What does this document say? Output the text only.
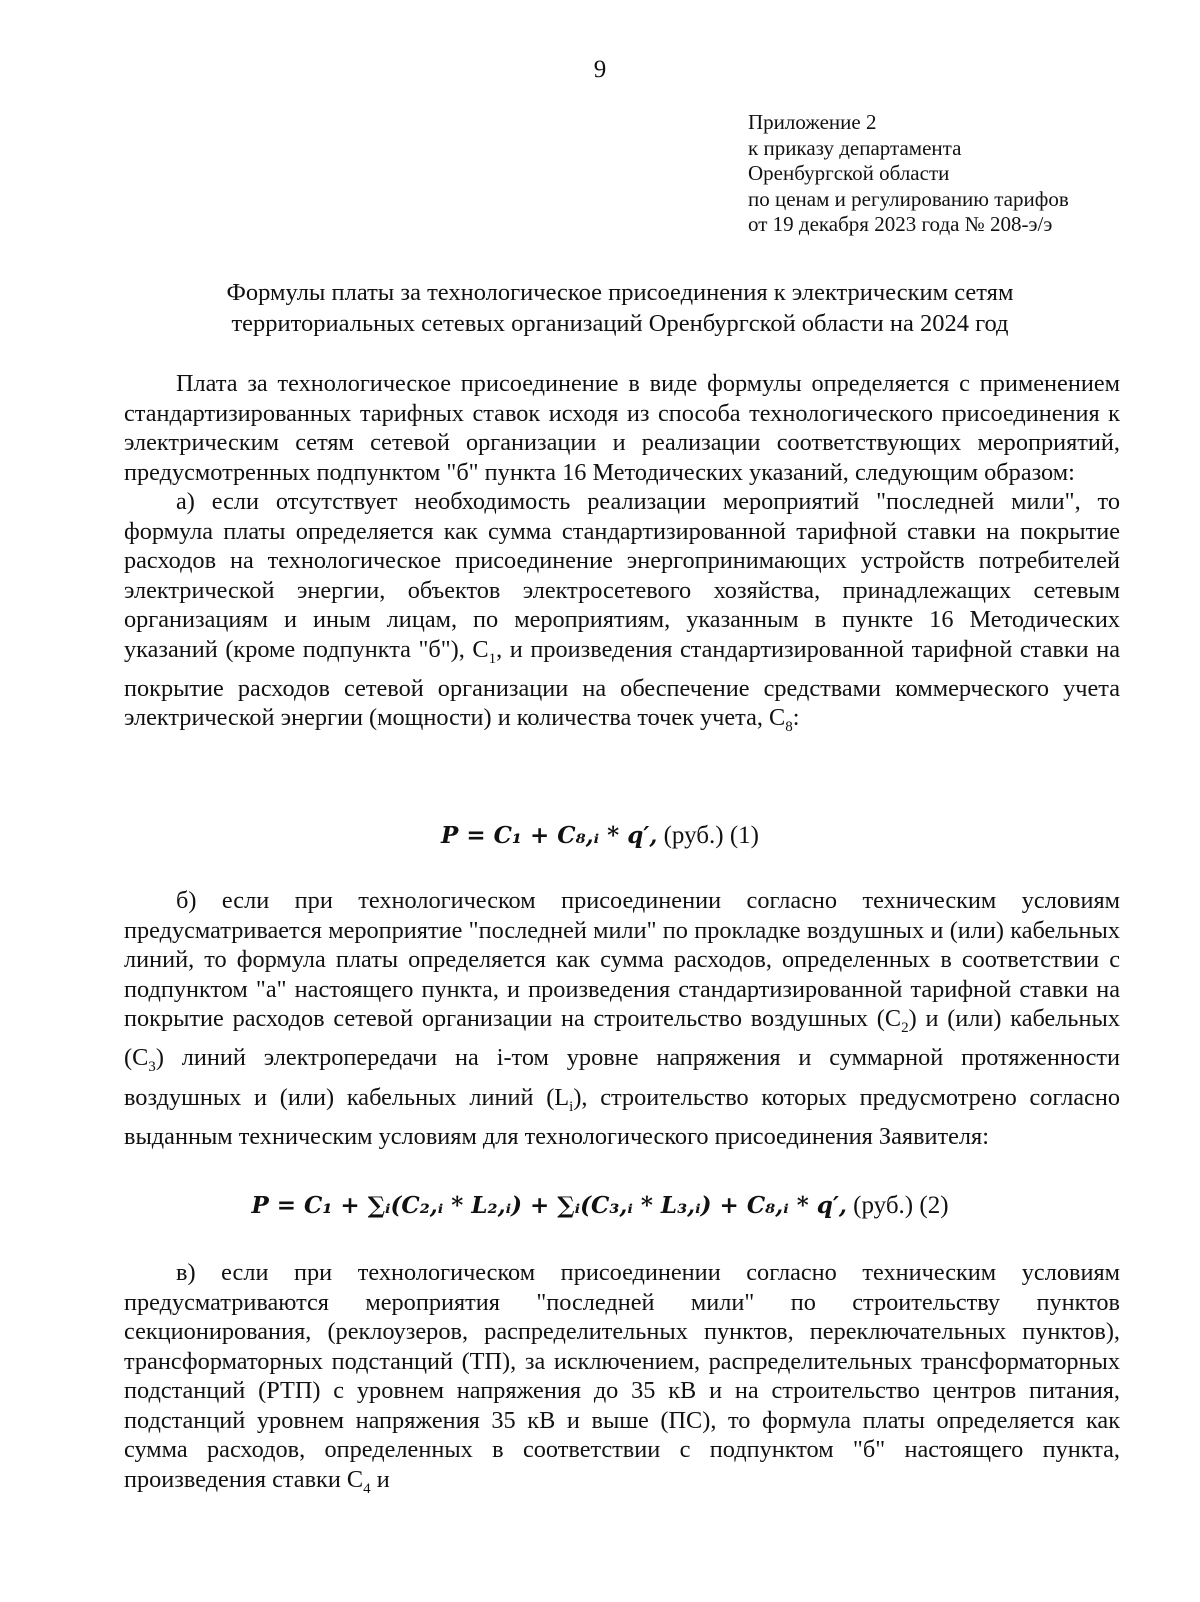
9
Приложение 2
к приказу департамента
Оренбургской области
по ценам и регулированию тарифов
от 19 декабря 2023 года № 208-э/э
Формулы платы за технологическое присоединения к электрическим сетям
территориальных сетевых организаций Оренбургской области на 2024 год

Плата за технологическое присоединение в виде формулы определяется с применением стандартизированных тарифных ставок исходя из способа технологического присоединения к электрическим сетям сетевой организации и реализации соответствующих мероприятий, предусмотренных подпунктом "б" пункта 16 Методических указаний, следующим образом:

а) если отсутствует необходимость реализации мероприятий "последней мили", то формула платы определяется как сумма стандартизированной тарифной ставки на покрытие расходов на технологическое присоединение энергопринимающих устройств потребителей электрической энергии, объектов электросетевого хозяйства, принадлежащих сетевым организациям и иным лицам, по мероприятиям, указанным в пункте 16 Методических указаний (кроме подпункта "б"), $С_1$, и произведения стандартизированной тарифной ставки на покрытие расходов сетевой организации на обеспечение средствами коммерческого учета электрической энергии (мощности) и количества точек учета, $С_8$:

P = C₁ + C₈,ᵢ * q′, (руб.) (1)

б) если при технологическом присоединении согласно техническим условиям предусматривается мероприятие "последней мили" по прокладке воздушных и (или) кабельных линий, то формула платы определяется как сумма расходов, определенных в соответствии с подпунктом "а" настоящего пункта, и произведения стандартизированной тарифной ставки на покрытие расходов сетевой организации на строительство воздушных $(С_2)$ и (или) кабельных $(С_3)$ линий электропередачи на i-том уровне напряжения и суммарной протяженности воздушных и (или) кабельных линий $(L_i)$, строительство которых предусмотрено согласно выданным техническим условиям для технологического присоединения Заявителя:

P = C₁ + ∑ᵢ(C₂,ᵢ * L₂,ᵢ) + ∑ᵢ(C₃,ᵢ * L₃,ᵢ) + C₈,ᵢ * q′, (руб.) (2)

в) если при технологическом присоединении согласно техническим условиям предусматриваются мероприятия "последней мили" по строительству пунктов секционирования, (реклоузеров, распределительных пунктов, переключательных пунктов), трансформаторных подстанций (ТП), за исключением, распределительных трансформаторных подстанций (РТП) с уровнем напряжения до 35 кВ и на строительство центров питания, подстанций уровнем напряжения 35 кВ и выше (ПС), то формула платы определяется как сумма расходов, определенных в соответствии с подпунктом "б" настоящего пункта, произведения ставки $С_4$ и
